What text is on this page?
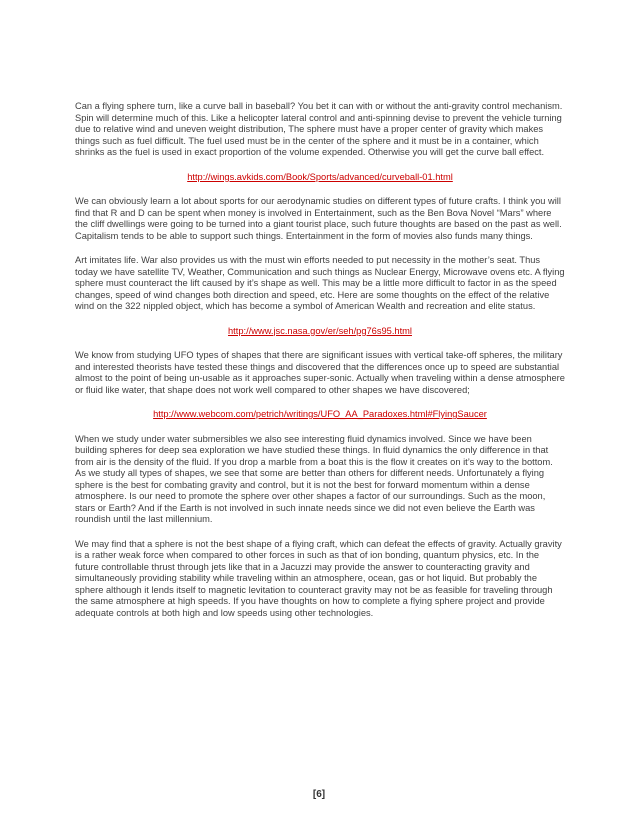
Can a flying sphere turn, like a curve ball in baseball? You bet it can with or without the anti-gravity control mechanism. Spin will determine much of this. Like a helicopter lateral control and anti-spinning devise to prevent the vehicle turning due to relative wind and uneven weight distribution, The sphere must have a proper center of gravity which makes things such as fuel difficult. The fuel used must be in the center of the sphere and it must be in a container, which shrinks as the fuel is used in exact proportion of the volume expended. Otherwise you will get the curve ball effect.

http://wings.avkids.com/Book/Sports/advanced/curveball-01.html

We can obviously learn a lot about sports for our aerodynamic studies on different types of future crafts. I think you will find that R and D can be spent when money is involved in Entertainment, such as the Ben Bova Novel “Mars” where the cliff dwellings were going to be turned into a giant tourist place, such future thoughts are based on the past as well. Capitalism tends to be able to support such things. Entertainment in the form of movies also funds many things.

Art imitates life. War also provides us with the must win efforts needed to put necessity in the mother’s seat. Thus today we have satellite TV, Weather, Communication and such things as Nuclear Energy, Microwave ovens etc. A flying sphere must counteract the lift caused by it’s shape as well. This may be a little more difficult to factor in as the speed changes, speed of wind changes both direction and speed, etc. Here are some thoughts on the effect of the relative wind on the 322 nippled object, which has become a symbol of American Wealth and recreation and elite status.

http://www.jsc.nasa.gov/er/seh/pg76s95.html

We know from studying UFO types of shapes that there are significant issues with vertical take-off spheres, the military and interested theorists have tested these things and discovered that the differences once up to speed are substantial almost to the point of being un-usable as it approaches super-sonic. Actually when traveling within a dense atmosphere or fluid like water, that shape does not work well compared to other shapes we have discovered;

http://www.webcom.com/petrich/writings/UFO_AA_Paradoxes.html#FlyingSaucer

When we study under water submersibles we also see interesting fluid dynamics involved. Since we have been building spheres for deep sea exploration we have studied these things. In fluid dynamics the only difference in that from air is the density of the fluid. If you drop a marble from a boat this is the flow it creates on it’s way to the bottom. As we study all types of shapes, we see that some are better than others for different needs. Unfortunately a flying sphere is the best for combating gravity and control, but it is not the best for forward momentum within a dense atmosphere. Is our need to promote the sphere over other shapes a factor of our surroundings. Such as the moon, stars or Earth? And if the Earth is not involved in such innate needs since we did not even believe the Earth was roundish until the last millennium.

We may find that a sphere is not the best shape of a flying craft, which can defeat the effects of gravity. Actually gravity is a rather weak force when compared to other forces in such as that of ion bonding, quantum physics, etc. In the future controllable thrust through jets like that in a Jacuzzi may provide the answer to counteracting gravity and simultaneously providing stability while traveling within an atmosphere, ocean, gas or hot liquid. But probably the sphere although it lends itself to magnetic levitation to counteract gravity may not be as feasible for traveling through the same atmosphere at high speeds. If you have thoughts on how to complete a flying sphere project and provide adequate controls at both high and low speeds using other technologies.

[6]
